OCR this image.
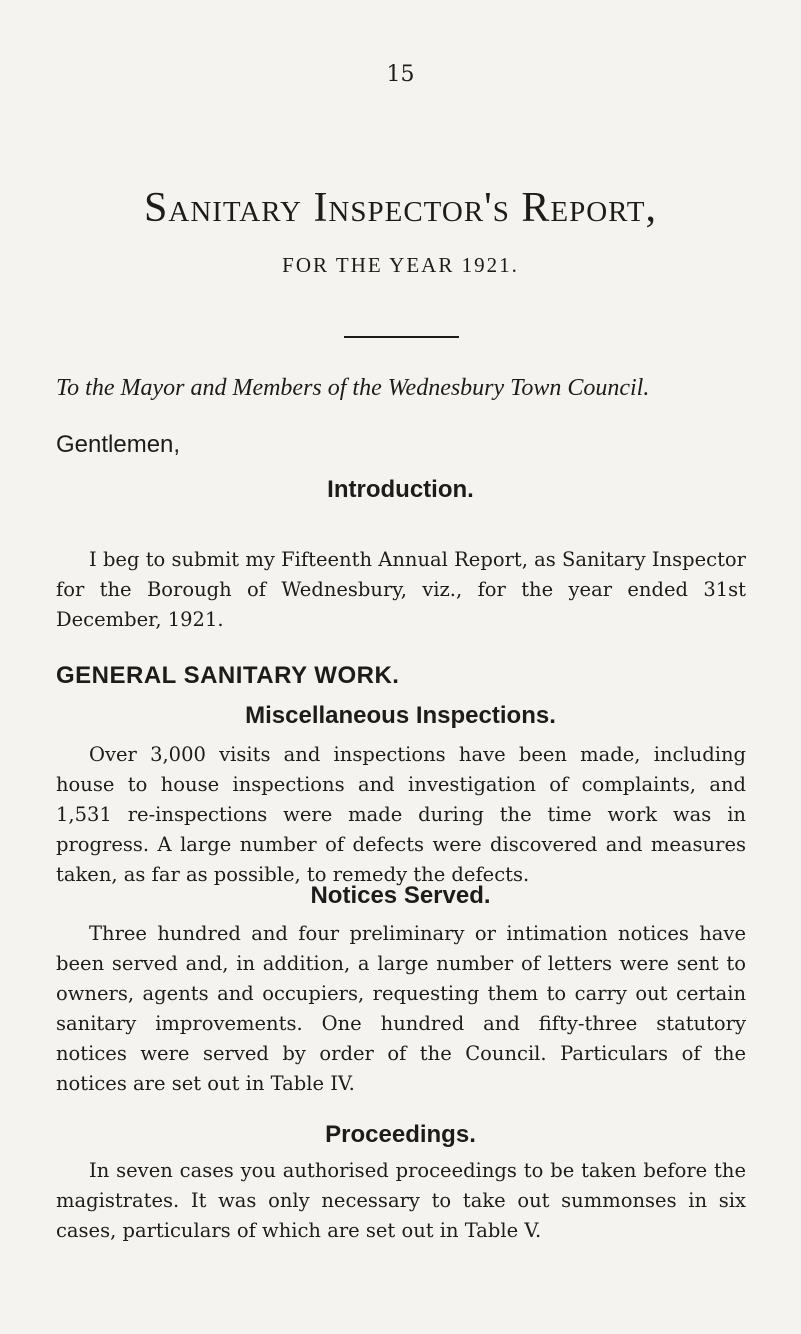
15
Sanitary Inspector's Report,
FOR THE YEAR 1921.
To the Mayor and Members of the Wednesbury Town Council.
Gentlemen,
Introduction.

I beg to submit my Fifteenth Annual Report, as Sanitary Inspector for the Borough of Wednesbury, viz., for the year ended 31st December, 1921.

GENERAL SANITARY WORK.
Miscellaneous Inspections.

Over 3,000 visits and inspections have been made, including house to house inspections and investigation of complaints, and 1,531 re-inspections were made during the time work was in progress. A large number of defects were discovered and measures taken, as far as possible, to remedy the defects.

Notices Served.

Three hundred and four preliminary or intimation notices have been served and, in addition, a large number of letters were sent to owners, agents and occupiers, requesting them to carry out certain sanitary improvements. One hundred and fifty-three statutory notices were served by order of the Council. Particulars of the notices are set out in Table IV.

Proceedings.

In seven cases you authorised proceedings to be taken before the magistrates. It was only necessary to take out summonses in six cases, particulars of which are set out in Table V.
